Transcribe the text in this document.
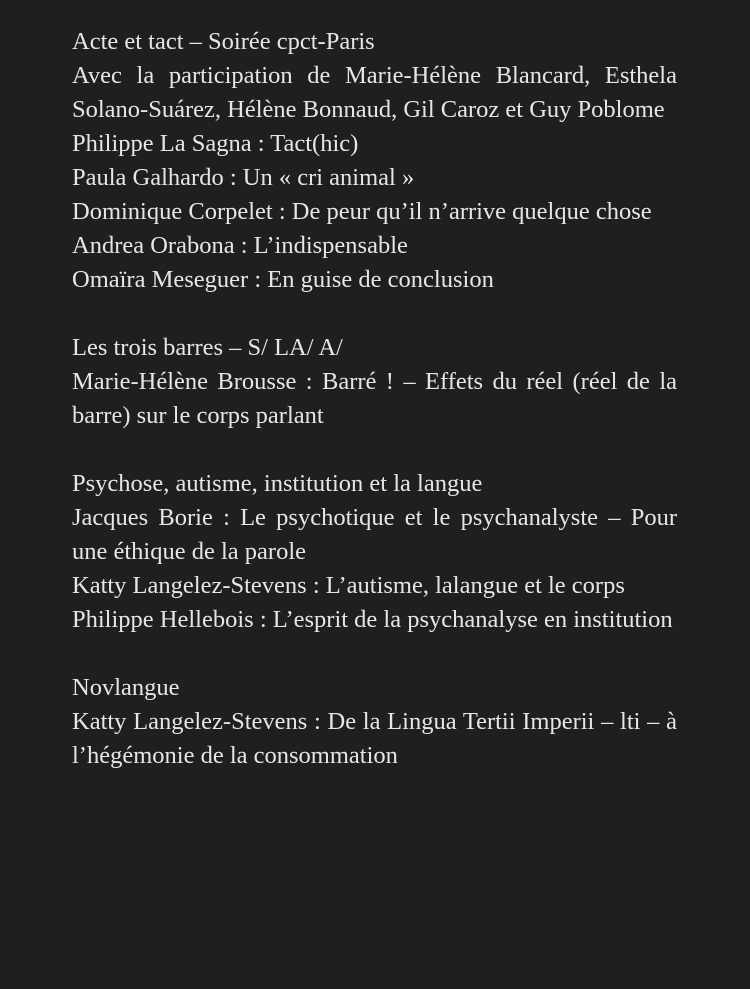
Acte et tact – Soirée cpct-Paris
Avec la participation de Marie-Hélène Blancard, Esthela Solano-Suárez, Hélène Bonnaud, Gil Caroz et Guy Poblome
Philippe La Sagna : Tact(hic)
Paula Galhardo : Un « cri animal »
Dominique Corpelet : De peur qu’il n’arrive quelque chose
Andrea Orabona : L’indispensable
Omaïra Meseguer : En guise de conclusion
Les trois barres – S/ LA/ A/
Marie-Hélène Brousse : Barré ! – Effets du réel (réel de la barre) sur le corps parlant
Psychose, autisme, institution et la langue
Jacques Borie : Le psychotique et le psychanalyste – Pour une éthique de la parole
Katty Langelez-Stevens : L’autisme, lalangue et le corps
Philippe Hellebois : L’esprit de la psychanalyse en institution
Novlangue
Katty Langelez-Stevens : De la Lingua Tertii Imperii – lti – à l’hégémonie de la consommation
